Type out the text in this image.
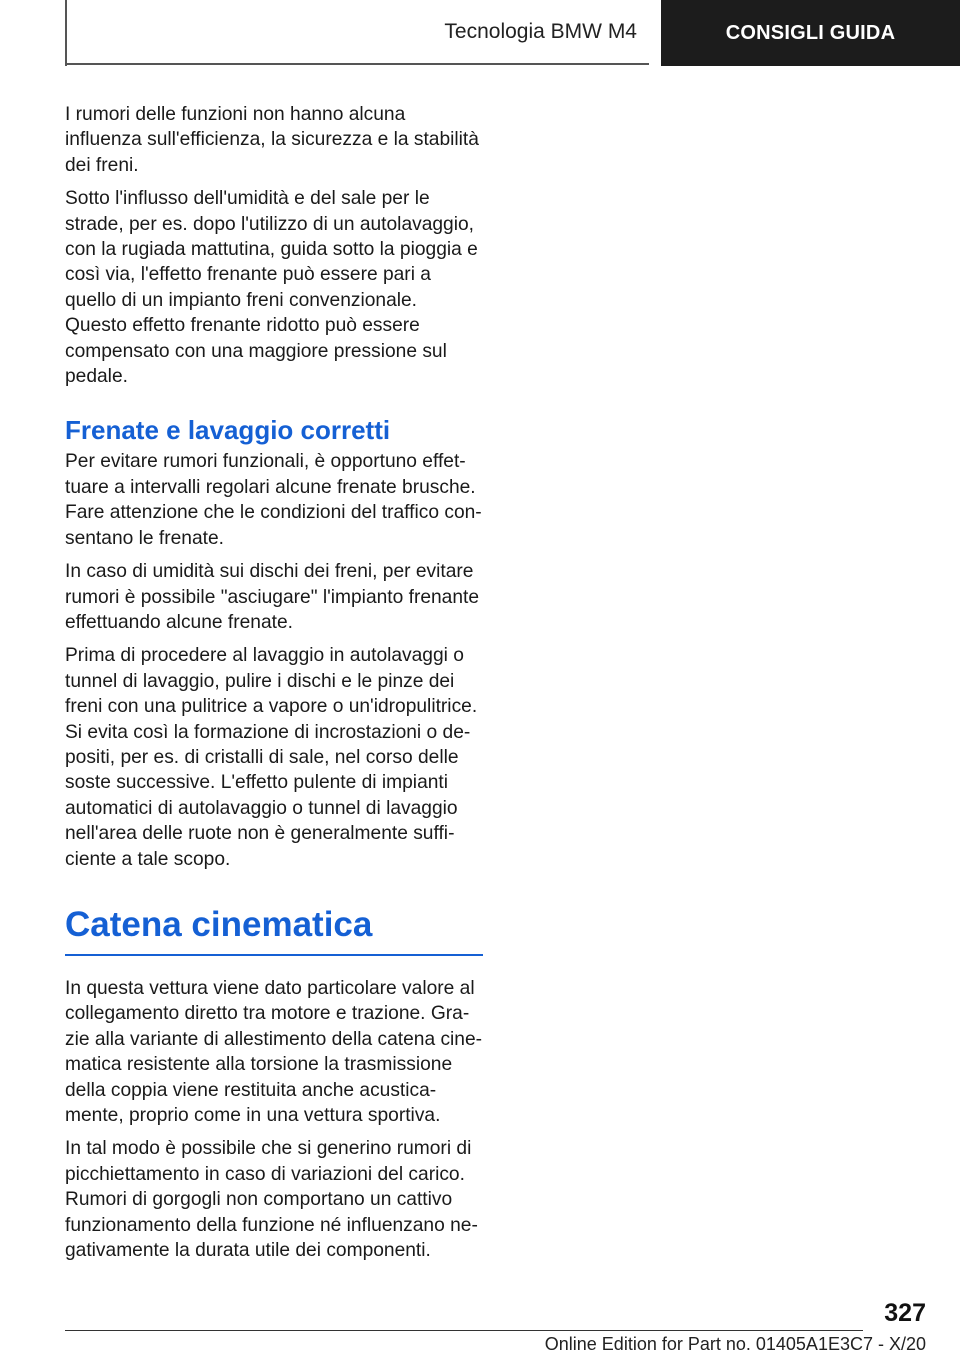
Tecnologia BMW M4	CONSIGLI GUIDA

I rumori delle funzioni non hanno alcuna influenza sull'efficienza, la sicurezza e la stabilità dei freni.

Sotto l'influsso dell'umidità e del sale per le strade, per es. dopo l'utilizzo di un autolavaggio, con la rugiada mattutina, guida sotto la pioggia e così via, l'effetto frenante può essere pari a quello di un impianto freni convenzionale. Questo effetto frenante ridotto può essere compensato con una maggiore pressione sul pedale.

Frenate e lavaggio corretti

Per evitare rumori funzionali, è opportuno effettuare a intervalli regolari alcune frenate brusche. Fare attenzione che le condizioni del traffico consentano le frenate.

In caso di umidità sui dischi dei freni, per evitare rumori è possibile "asciugare" l'impianto frenante effettuando alcune frenate.

Prima di procedere al lavaggio in autolavaggi o tunnel di lavaggio, pulire i dischi e le pinze dei freni con una pulitrice a vapore o un'idropulitrice. Si evita così la formazione di incrostazioni o depositi, per es. di cristalli di sale, nel corso delle soste successive. L'effetto pulente di impianti automatici di autolavaggio o tunnel di lavaggio nell'area delle ruote non è generalmente sufficiente a tale scopo.

Catena cinematica

In questa vettura viene dato particolare valore al collegamento diretto tra motore e trazione. Grazie alla variante di allestimento della catena cinematica resistente alla torsione la trasmissione della coppia viene restituita anche acusticamente, proprio come in una vettura sportiva.

In tal modo è possibile che si generino rumori di picchiettamento in caso di variazioni del carico. Rumori di gorgogli non comportano un cattivo funzionamento della funzione né influenzano negativamente la durata utile dei componenti.

327
Online Edition for Part no. 01405A1E3C7 - X/20
